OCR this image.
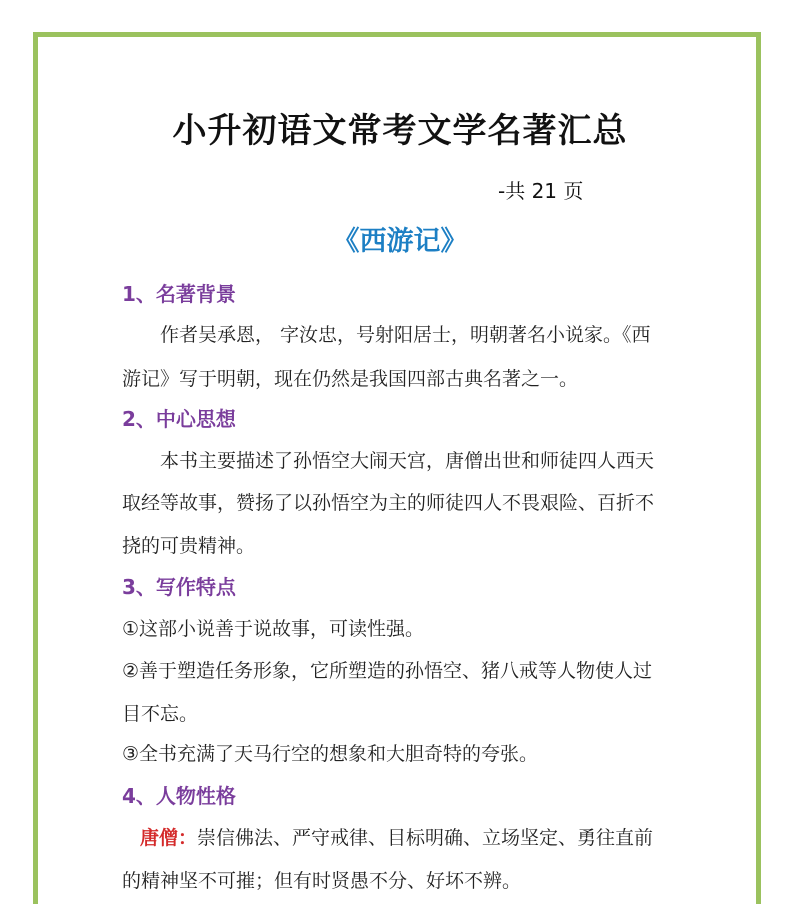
小升初语文常考文学名著汇总

-共 21 页

《西游记》
1、名著背景

作者吴承恩， 字汝忠，号射阳居士，明朝著名小说家。《西

游记》写于明朝，现在仍然是我国四部古典名著之一。

2、中心思想

本书主要描述了孙悟空大闹天宫，唐僧出世和师徒四人西天

取经等故事，赞扬了以孙悟空为主的师徒四人不畏艰险、百折不

挠的可贵精神。

3、写作特点

①这部小说善于说故事，可读性强。

②善于塑造任务形象，它所塑造的孙悟空、猪八戒等人物使人过

目不忘。

③全书充满了天马行空的想象和大胆奇特的夸张。

4、人物性格

唐僧：崇信佛法、严守戒律、目标明确、立场坚定、勇往直前

的精神坚不可摧；但有时贤愚不分、好坏不辨。
